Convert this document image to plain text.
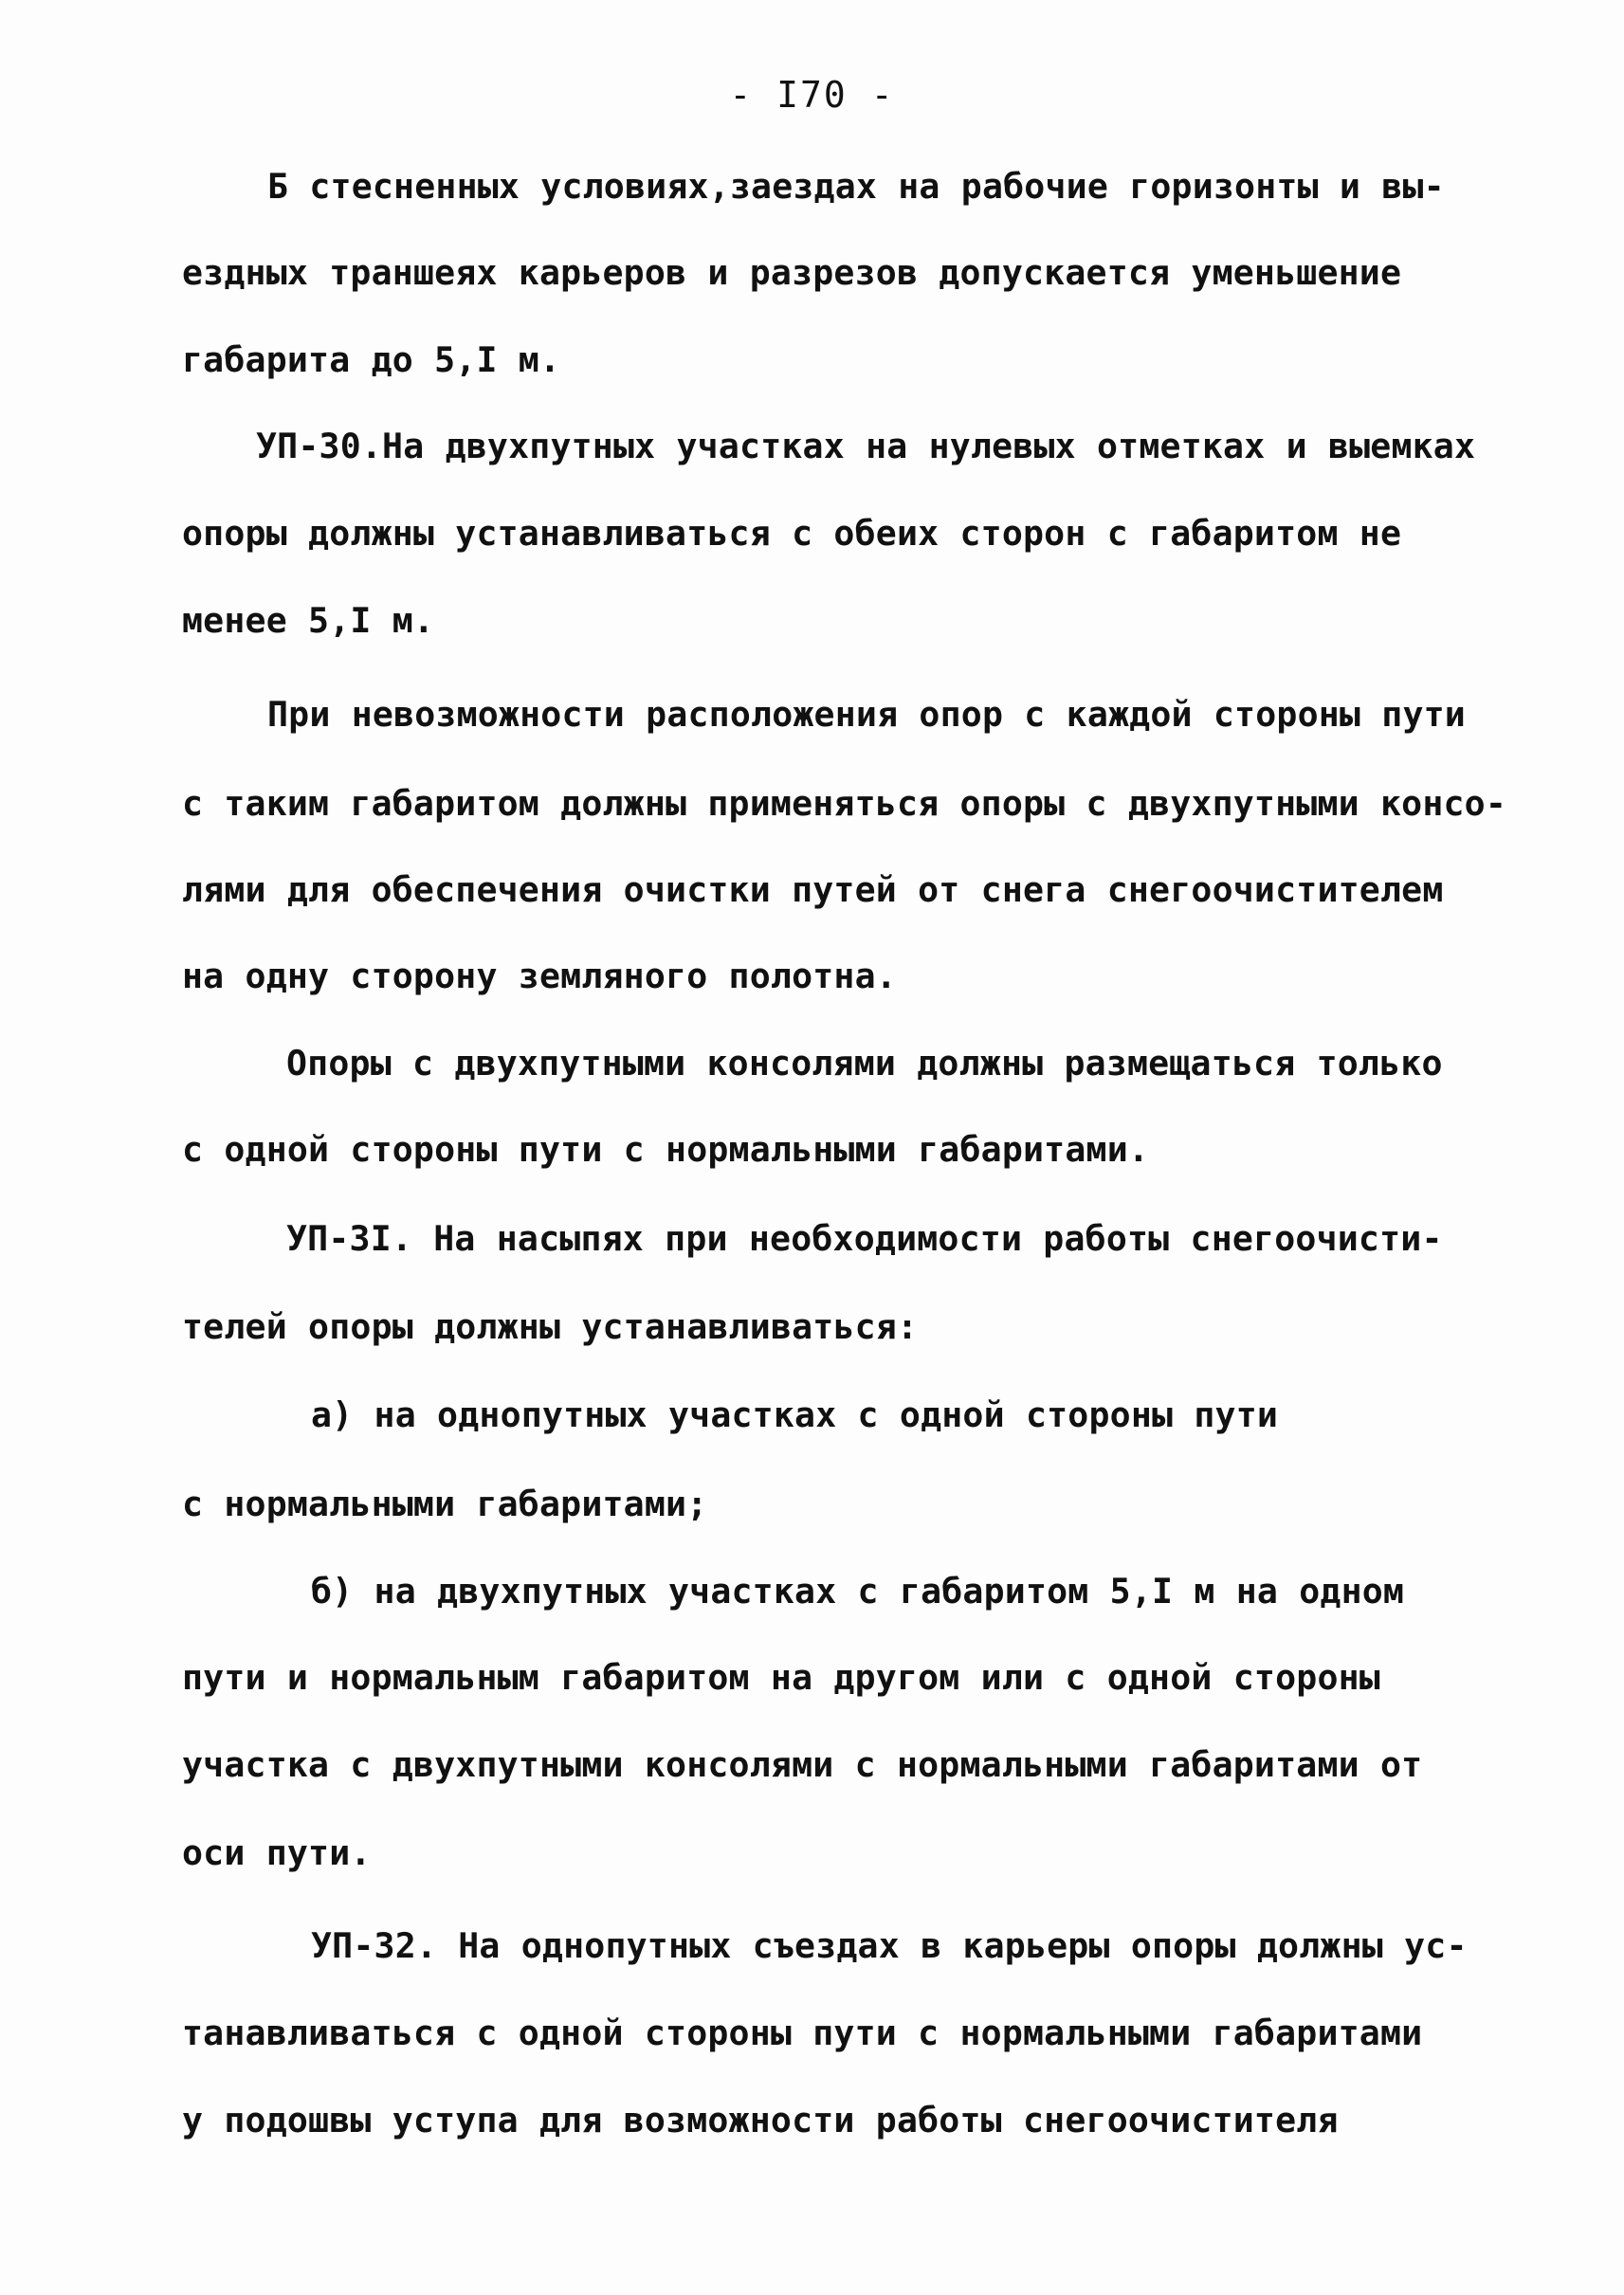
- I70 -
Б стесненных условиях,заездах на рабочие горизонты и вы-
ездных траншеях карьеров и разрезов допускается уменьшение
габарита до 5,I м.
УП-30.На двухпутных участках на нулевых отметках и выемках
опоры должны устанавливаться с обеих сторон с габаритом не
менее 5,I м.
При невозможности расположения опор с каждой стороны пути
с таким габаритом должны применяться опоры с двухпутными консо-
лями для обеспечения очистки путей от снега снегоочистителем
на одну сторону земляного полотна.
Опоры с двухпутными консолями должны размещаться только
с одной стороны пути с нормальными габаритами.
УП-3I. На насыпях при необходимости работы снегоочисти-
телей опоры должны устанавливаться:
а) на однопутных участках с одной стороны пути
с нормальными габаритами;
б) на двухпутных участках с габаритом 5,I м на одном
пути и нормальным габаритом на другом или с одной стороны
участка с двухпутными консолями с нормальными габаритами от
оси пути.
УП-32. На однопутных съездах в карьеры опоры должны ус-
танавливаться с одной стороны пути с нормальными габаритами
у подошвы уступа для возможности работы снегоочистителя
